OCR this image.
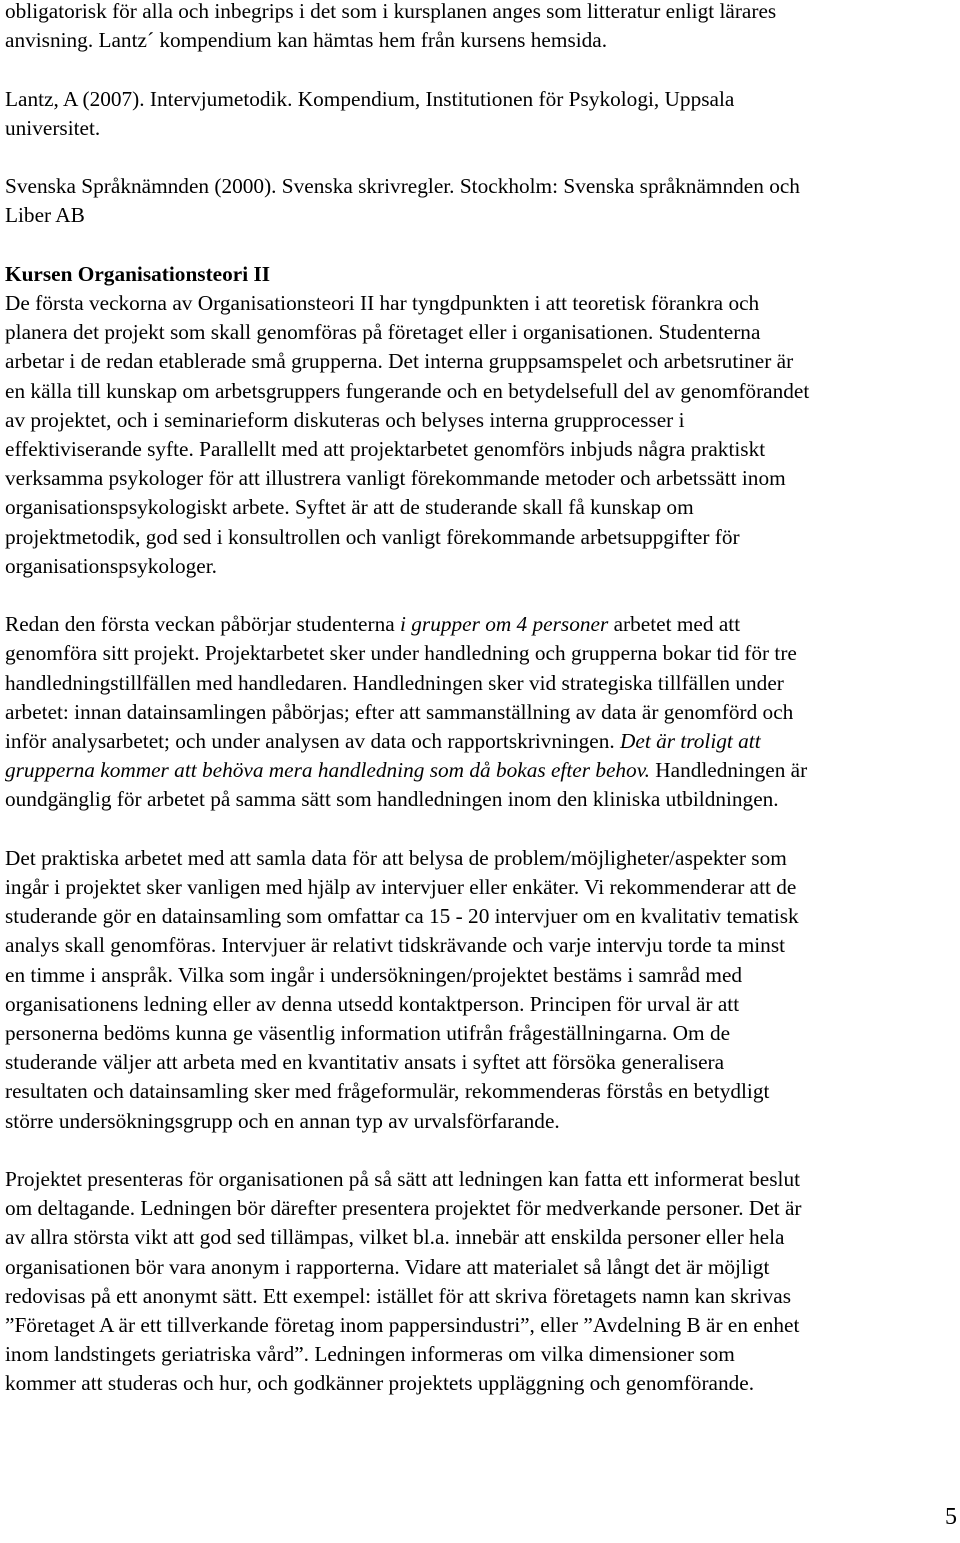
obligatorisk för alla och inbegrips i det som i kursplanen anges som litteratur enligt lärares

anvisning. Lantz´ kompendium kan hämtas hem från kursens hemsida.

Lantz, A (2007). Intervjumetodik. Kompendium, Institutionen för Psykologi, Uppsala

universitet.

Svenska Språknämnden (2000). Svenska skrivregler. Stockholm: Svenska språknämnden och

Liber AB

Kursen Organisationsteori II

De första veckorna av Organisationsteori II har tyngdpunkten i att teoretisk förankra och

planera det projekt som skall genomföras på företaget eller i organisationen. Studenterna

arbetar i de redan etablerade små grupperna. Det interna gruppsamspelet och arbetsrutiner är

en källa till kunskap om arbetsgruppers fungerande och en betydelsefull del av genomförandet

av projektet, och i seminarieform diskuteras och belyses interna grupprocesser i

effektiviserande syfte. Parallellt med att projektarbetet genomförs inbjuds några praktiskt

verksamma psykologer för att illustrera vanligt förekommande metoder och arbetssätt inom

organisationspsykologiskt arbete. Syftet är att de studerande skall få kunskap om

projektmetodik, god sed i konsultrollen och vanligt förekommande arbetsuppgifter för

organisationspsykologer.

Redan den första veckan påbörjar studenterna i grupper om 4 personer arbetet med att

genomföra sitt projekt. Projektarbetet sker under handledning och grupperna bokar tid för tre

handledningstillfällen med handledaren. Handledningen sker vid strategiska tillfällen under

arbetet: innan datainsamlingen påbörjas; efter att sammanställning av data är genomförd och

inför analysarbetet; och under analysen av data och rapportskrivningen. Det är troligt att

grupperna kommer att behöva mera handledning som då bokas efter behov. Handledningen är

oundgänglig för arbetet på samma sätt som handledningen inom den kliniska utbildningen.

Det praktiska arbetet med att samla data för att belysa de problem/möjligheter/aspekter som

ingår i projektet sker vanligen med hjälp av intervjuer eller enkäter. Vi rekommenderar att de

studerande gör en datainsamling som omfattar ca 15 - 20 intervjuer om en kvalitativ tematisk

analys skall genomföras. Intervjuer är relativt tidskrävande och varje intervju torde ta minst

en timme i anspråk. Vilka som ingår i undersökningen/projektet bestäms i samråd med

organisationens ledning eller av denna utsedd kontaktperson. Principen för urval är att

personerna bedöms kunna ge väsentlig information utifrån frågeställningarna. Om de

studerande väljer att arbeta med en kvantitativ ansats i syftet att försöka generalisera

resultaten och datainsamling sker med frågeformulär, rekommenderas förstås en betydligt

större undersökningsgrupp och en annan typ av urvalsförfarande.

Projektet presenteras för organisationen på så sätt att ledningen kan fatta ett informerat beslut

om deltagande. Ledningen bör därefter presentera projektet för medverkande personer. Det är

av allra största vikt att god sed tillämpas, vilket bl.a. innebär att enskilda personer eller hela

organisationen bör vara anonym i rapporterna. Vidare att materialet så långt det är möjligt

redovisas på ett anonymt sätt. Ett exempel: istället för att skriva företagets namn kan skrivas

”Företaget A är ett tillverkande företag inom pappersindustri”, eller ”Avdelning B är en enhet

inom landstingets geriatriska vård”. Ledningen informeras om vilka dimensioner som

kommer att studeras och hur, och godkänner projektets uppläggning och genomförande.

5
